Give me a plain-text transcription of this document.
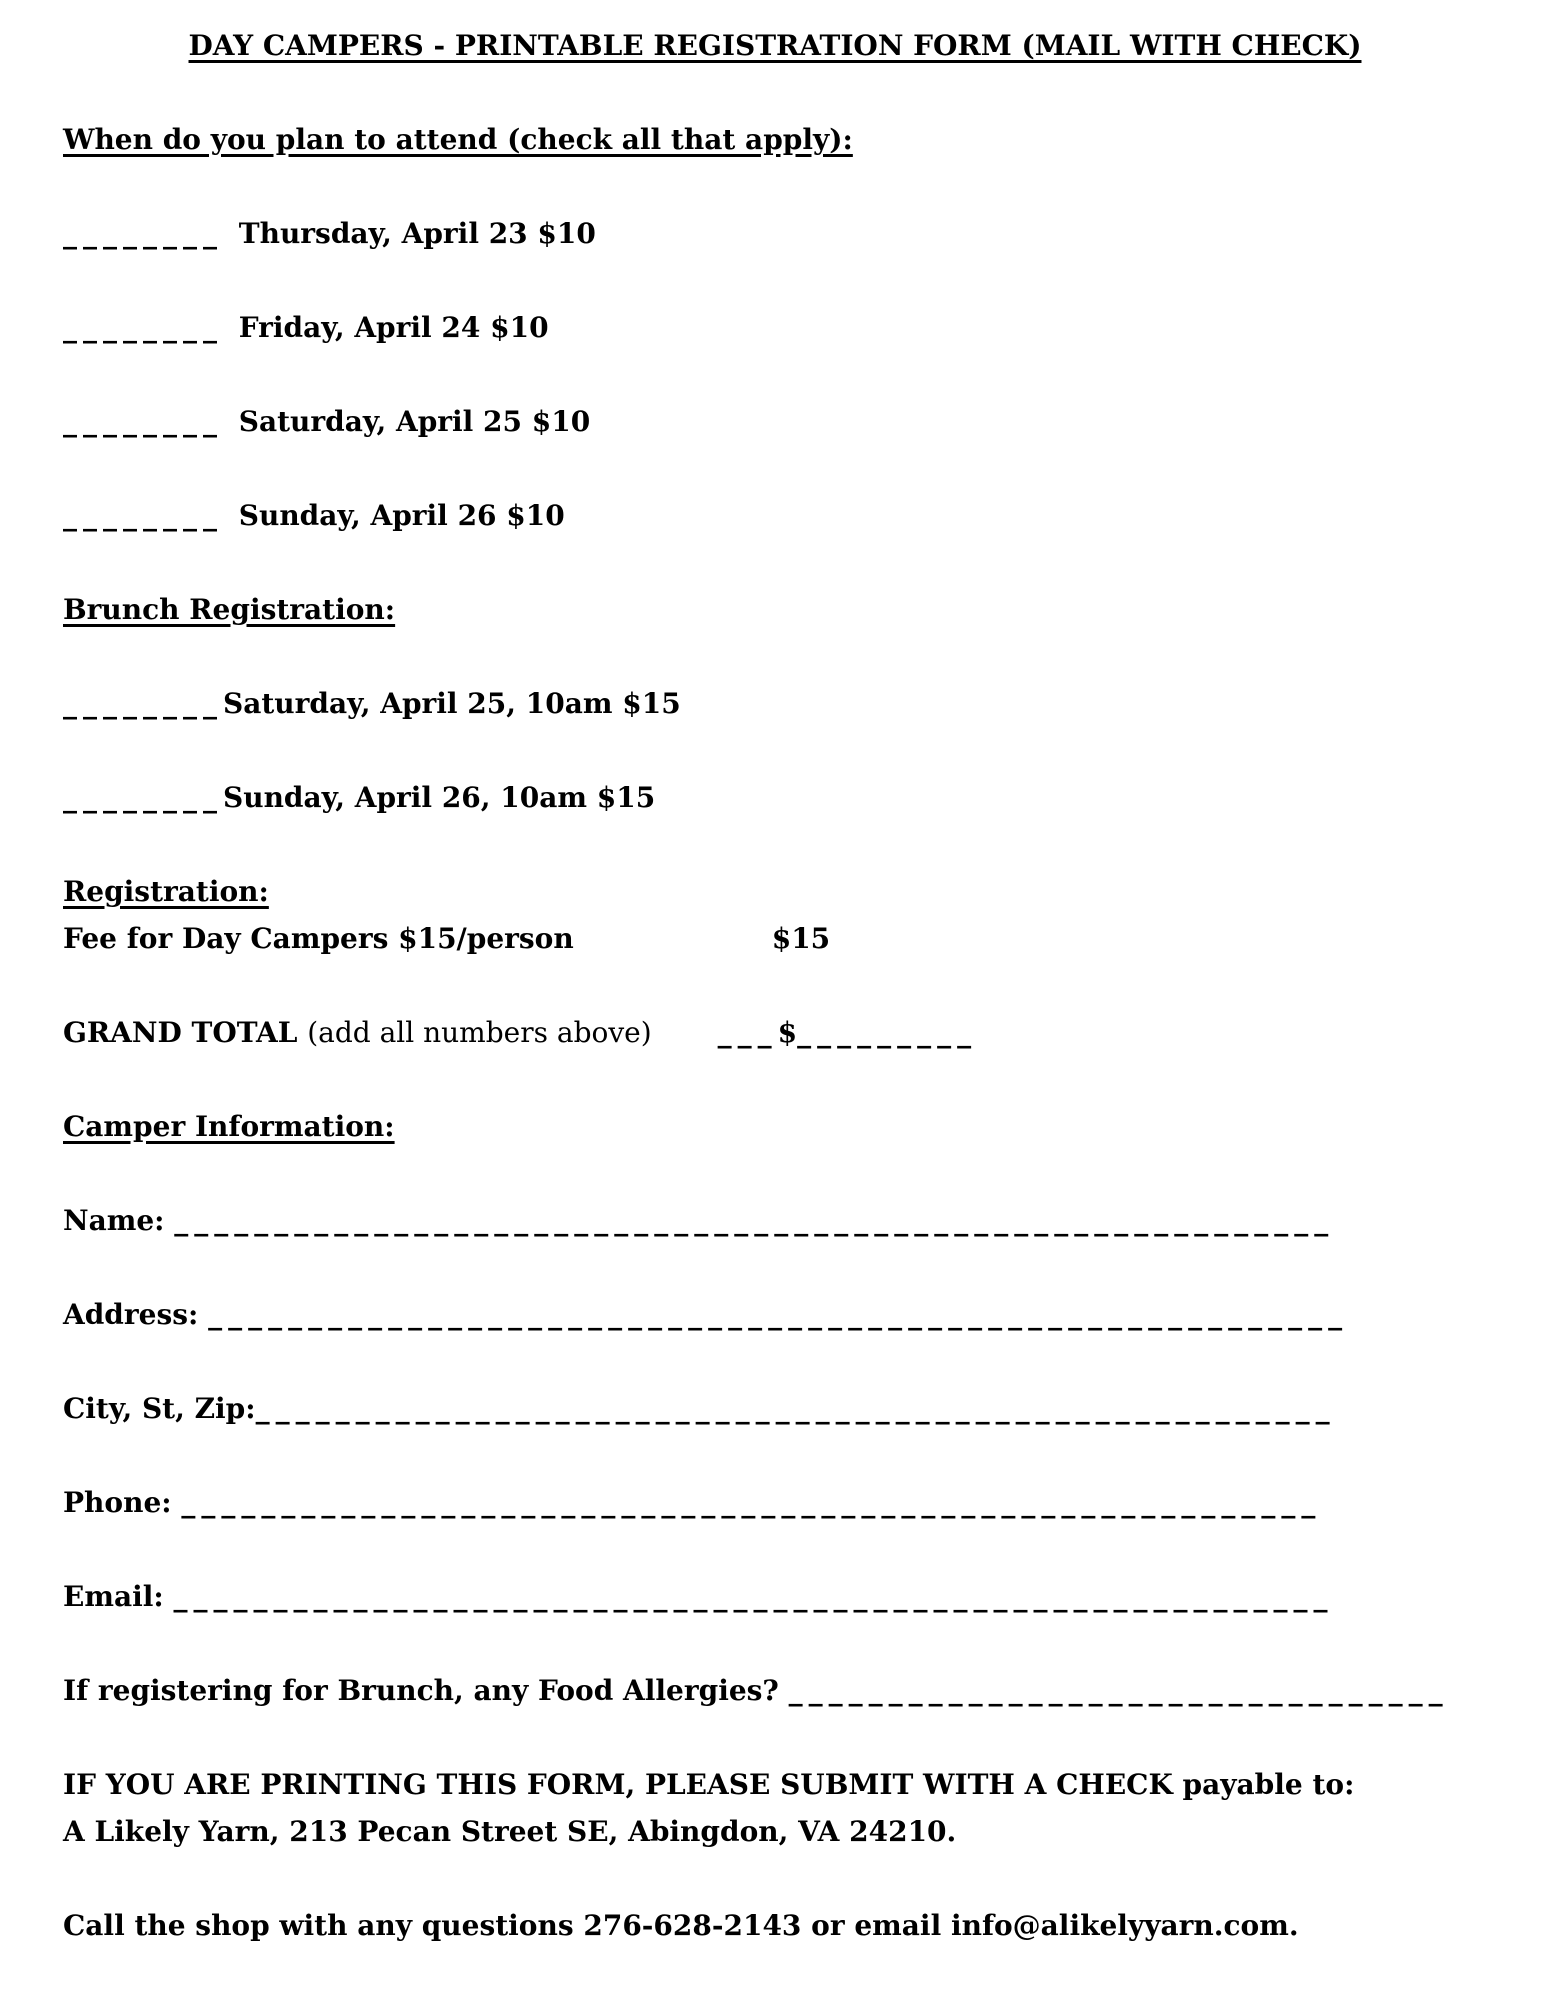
DAY CAMPERS - PRINTABLE REGISTRATION FORM (MAIL WITH CHECK)

When do you plan to attend (check all that apply):

________ Thursday, April 23 $10

________ Friday, April 24 $10

________ Saturday, April 25 $10

________ Sunday, April 26 $10

Brunch Registration:

________Saturday, April 25, 10am $15

________Sunday, April 26, 10am $15

Registration:
Fee for Day Campers $15/person	$15

GRAND TOTAL (add all numbers above) ___$_________

Camper Information:

Name: __________________________________________________________

Address: _________________________________________________________

City, St, Zip:______________________________________________________

Phone: _________________________________________________________

Email: __________________________________________________________

If registering for Brunch, any Food Allergies? _________________________________

IF YOU ARE PRINTING THIS FORM, PLEASE SUBMIT WITH A CHECK payable to:
A Likely Yarn, 213 Pecan Street SE, Abingdon, VA 24210.

Call the shop with any questions 276-628-2143 or email info@alikelyyarn.com.
